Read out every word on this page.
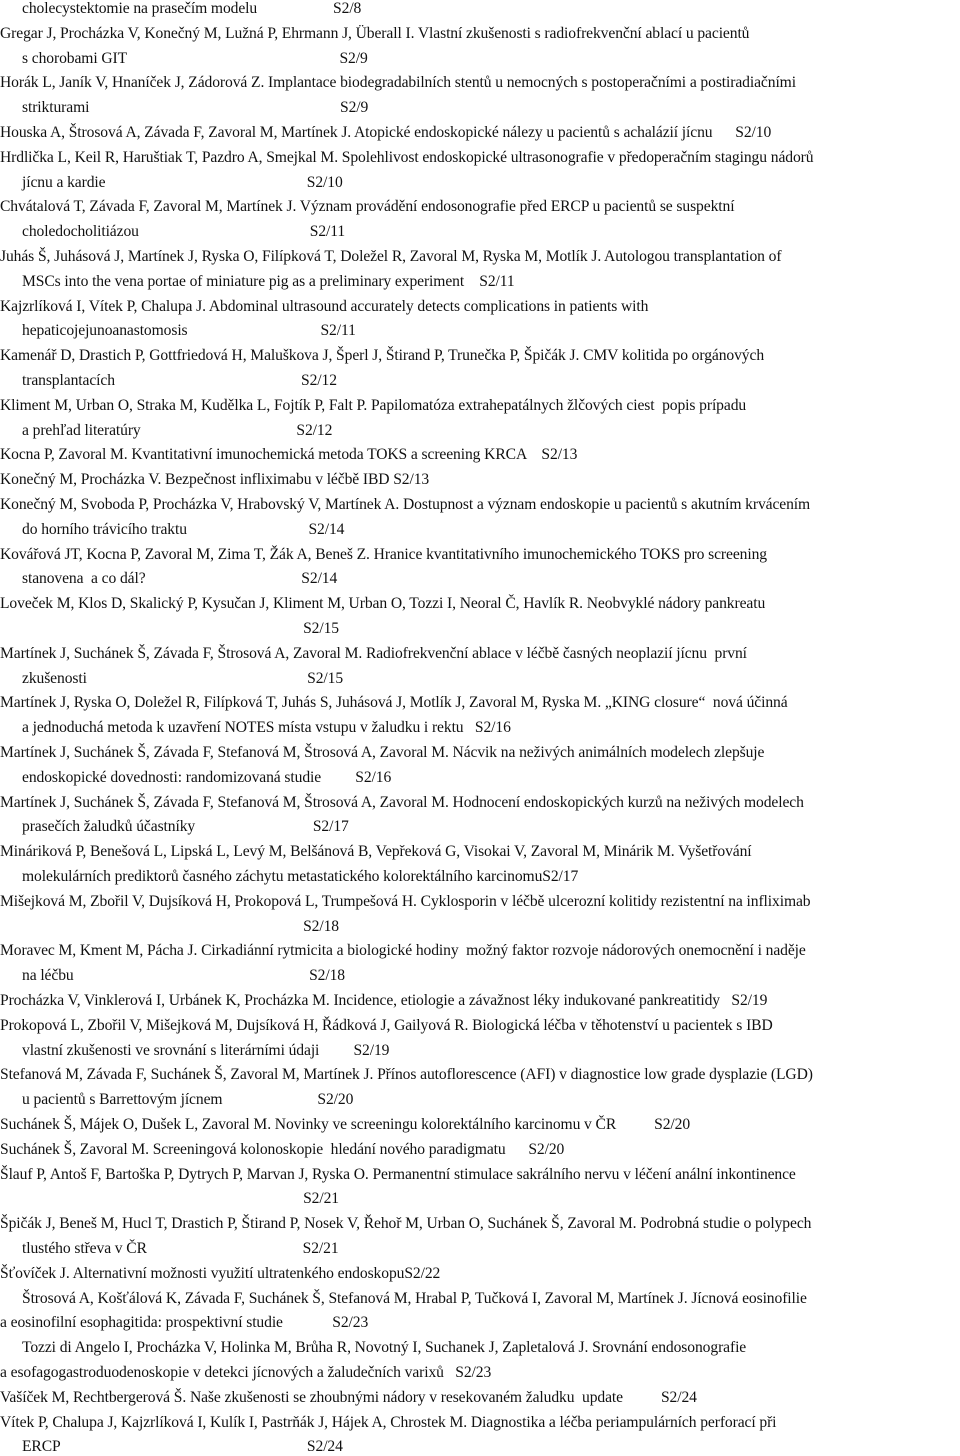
cholecystektomie na prasečím modelu                    S2/8
Gregar J, Procházka V, Konečný M, Lužná P, Ehrmann J, Überall I. Vlastní zkušenosti s radiofrekvenční ablací u pacientů
s chorobami GIT                                                        S2/9
Horák L, Janík V, Hnaníček J, Zádorová Z. Implantace biodegradabilních stentů u nemocných s postoperačními a postiradiačními
strikturami                                                                  S2/9
Houska A, Štrosová A, Závada F, Zavoral M, Martínek J. Atopické endoskopické nálezy u pacientů s achalázií jícnu      S2/10
Hrdlička L, Keil R, Haruštiak T, Pazdro A, Smejkal M. Spolehlivost endoskopické ultrasonografie v předoperačním stagingu nádorů
jícnu a kardie                                                     S2/10
Chvátalová T, Závada F, Zavoral M, Martínek J. Význam provádění endosonografie před ERCP u pacientů se suspektní
choledocholitiázou                                             S2/11
Juhás Š, Juhásová J, Martínek J, Ryska O, Filípková T, Doležel R, Zavoral M, Ryska M, Motlík J. Autologou transplantation of
MSCs into the vena portae of miniature pig as a preliminary experiment    S2/11
Kajzrlíková I, Vítek P, Chalupa J. Abdominal ultrasound accurately detects complications in patients with
hepaticojejunoanastomosis                                   S2/11
Kamenář D, Drastich P, Gottfriedová H, Maluškova J, Šperl J, Štirand P, Trunečka P, Špičák J. CMV kolitida po orgánových
transplantacích                                                 S2/12
Kliment M, Urban O, Straka M, Kudělka L, Fojtík P, Falt P. Papilomatóza extrahepatálnych žlčových ciest  popis prípadu
a prehľad literatúry                                         S2/12
Kocna P, Zavoral M. Kvantitativní imunochemická metoda TOKS a screening KRCA    S2/13
Konečný M, Procházka V. Bezpečnost infliximabu v léčbě IBD S2/13
Konečný M, Svoboda P, Procházka V, Hrabovský V, Martínek A. Dostupnost a význam endoskopie u pacientů s akutním krvácením
do horního trávicího traktu                                S2/14
Kovářová JT, Kocna P, Zavoral M, Zima T, Žák A, Beneš Z. Hranice kvantitativního imunochemického TOKS pro screening
stanovena  a co dál?                                         S2/14
Loveček M, Klos D, Skalický P, Kysučan J, Kliment M, Urban O, Tozzi I, Neoral Č, Havlík R. Neobvyklé nádory pankreatu
S2/15
Martínek J, Suchánek Š, Závada F, Štrosová A, Zavoral M. Radiofrekvenční ablace v léčbě časných neoplazií jícnu  první
zkušenosti                                                          S2/15
Martínek J, Ryska O, Doležel R, Filípková T, Juhás S, Juhásová J, Motlík J, Zavoral M, Ryska M. „KING closure“  nová účinná
a jednoduchá metoda k uzavření NOTES místa vstupu v žaludku i rektu   S2/16
Martínek J, Suchánek Š, Závada F, Stefanová M, Štrosová A, Zavoral M. Nácvik na neživých animálních modelech zlepšuje
endoskopické dovednosti: randomizovaná studie         S2/16
Martínek J, Suchánek Š, Závada F, Stefanová M, Štrosová A, Zavoral M. Hodnocení endoskopických kurzů na neživých modelech
prasečích žaludků účastníky                               S2/17
Mináriková P, Benešová L, Lipská L, Levý M, Belšánová B, Vepřeková G, Visokai V, Zavoral M, Minárik M. Vyšetřování
molekulárních prediktorů časného záchytu metastatického kolorektálního karcinomuS2/17
Mišejková M, Zbořil V, Dujsíková H, Prokopová L, Trumpešová H. Cyklosporin v léčbě ulcerozní kolitidy rezistentní na infliximab
S2/18
Moravec M, Kment M, Pácha J. Cirkadiánní rytmicita a biologické hodiny  možný faktor rozvoje nádorových onemocnění i naděje
na léčbu                                                              S2/18
Procházka V, Vinklerová I, Urbánek K, Procházka M. Incidence, etiologie a závažnost léky indukované pankreatitidy   S2/19
Prokopová L, Zbořil V, Mišejková M, Dujsíková H, Řádková J, Gailyová R. Biologická léčba v těhotenství u pacientek s IBD
vlastní zkušenosti ve srovnání s literárními údaji         S2/19
Stefanová M, Závada F, Suchánek Š, Zavoral M, Martínek J. Přínos autoflorescence (AFI) v diagnostice low grade dysplazie (LGD)
u pacientů s Barrettovým jícnem                         S2/20
Suchánek Š, Májek O, Dušek L, Zavoral M. Novinky ve screeningu kolorektálního karcinomu v ČR          S2/20
Suchánek Š, Zavoral M. Screeningová kolonoskopie  hledání nového paradigmatu      S2/20
Šlauf P, Antoš F, Bartoška P, Dytrych P, Marvan J, Ryska O. Permanentní stimulace sakrálního nervu v léčení anální inkontinence
S2/21
Špičák J, Beneš M, Hucl T, Drastich P, Štirand P, Nosek V, Řehoř M, Urban O, Suchánek Š, Zavoral M. Podrobná studie o polypech
tlustého střeva v ČR                                         S2/21
Šťovíček J. Alternativní možnosti využití ultratenkého endoskopuS2/22
Štrosová A, Košťálová K, Závada F, Suchánek Š, Stefanová M, Hrabal P, Tučková I, Zavoral M, Martínek J. Jícnová eosinofilie
a eosinofilní esophagitida: prospektivní studie             S2/23
Tozzi di Angelo I, Procházka V, Holinka M, Brůha R, Novotný I, Suchanek J, Zapletalová J. Srovnání endosonografie
a esofagogastroduodenoskopie v detekci jícnových a žaludečních varixů   S2/23
Vašíček M, Rechtbergerová Š. Naše zkušenosti se zhoubnými nádory v resekovaném žaludku  update          S2/24
Vítek P, Chalupa J, Kajzrlíková I, Kulík I, Pastrňák J, Hájek A, Chrostek M. Diagnostika a léčba periampulárních perforací při
ERCP                                                                 S2/24
